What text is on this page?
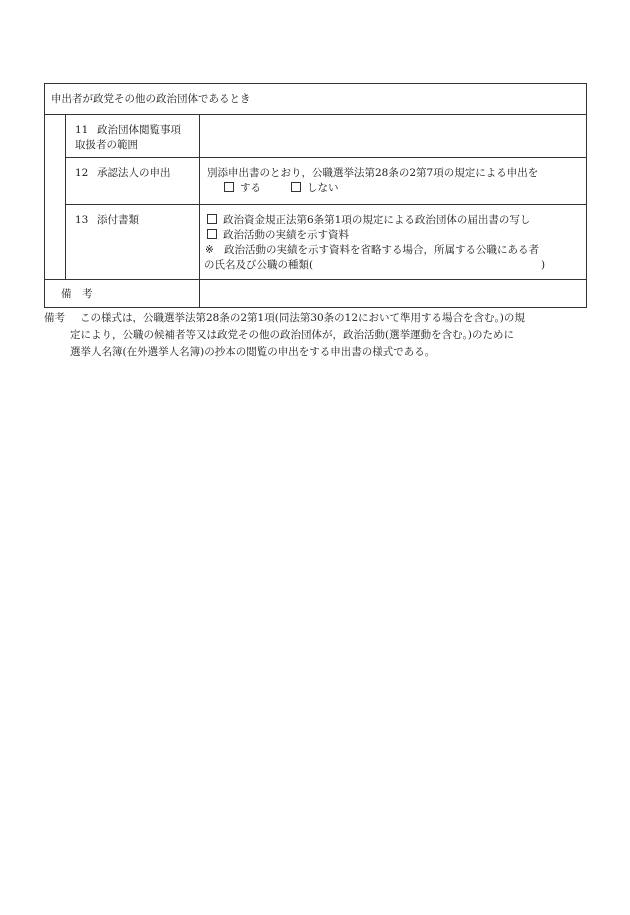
申出者が政党その他の政治団体であるとき
11 政治団体閲覧事項
取扱者の範囲
12 承認法人の申出	別添申出書のとおり，公職選挙法第28条の2第7項の規定による申出を
する	しない
13 添付書類	政治資金規正法第6条第1項の規定による政治団体の届出書の写し
政治活動の実績を示す資料
※ 政治活動の実績を示す資料を省略する場合，所属する公職にある者
の氏名及び公職の種類(	)
備　考
備考 この様式は，公職選挙法第28条の2第1項(同法第30条の12において準用する場合を含む。)の規
定により，公職の候補者等又は政党その他の政治団体が，政治活動(選挙運動を含む。)のために
選挙人名簿(在外選挙人名簿)の抄本の閲覧の申出をする申出書の様式である。
